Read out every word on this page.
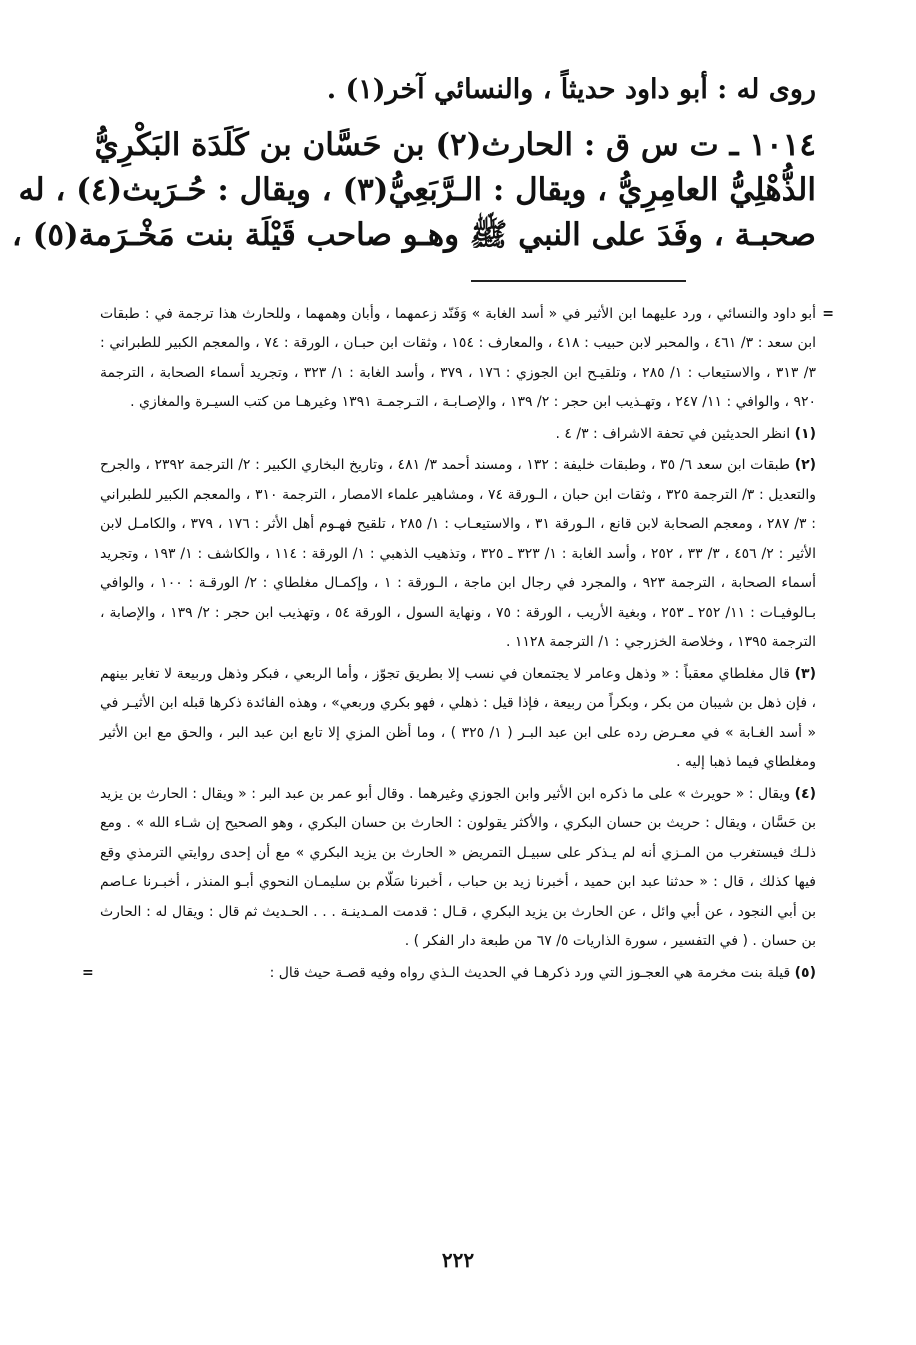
روى له : أبو داود حديثاً ، والنسائي آخر(١) .

١٠١٤ ـ ت س ق : الحارث(٢) بن حَسَّان بن كَلَدَة البَكْرِيُّ

الذُّهْلِيُّ العامِرِيُّ ، ويقال : الـرَّبَعِيُّ(٣) ، ويقال : حُـرَيث(٤) ، له

صحبـة ، وفَدَ على النبي ﷺ وهـو صاحب قَيْلَة بنت مَخْـرَمة(٥) ،

=
أبو داود والنسائي ، ورد عليهما ابن الأثير في « أسد الغابة » وَفَنّد زعمهما ، وأبان وهمهما ، وللحارث هذا ترجمة في : طبقات ابن سعد : ٣/ ٤٦١ ، والمحبر لابن حبيب : ٤١٨ ، والمعارف : ١٥٤ ، وثقات ابن حبـان ، الورقة : ٧٤ ، والمعجم الكبير للطبراني : ٣/ ٣١٣ ، والاستيعاب : ١/ ٢٨٥ ، وتلقيـح ابن الجوزي : ١٧٦ ، ٣٧٩ ، وأسد الغابة : ١/ ٣٢٣ ، وتجريد أسماء الصحابة ، الترجمة ٩٢٠ ، والوافي : ١١/ ٢٤٧ ، وتهـذيب ابن حجر : ٢/ ١٣٩ ، والإصـابـة ، التـرجمـة ١٣٩١ وغيرهـا من كتب السيـرة والمغازي .

(١) انظر الحديثين في تحفة الاشراف : ٣/ ٤ .

(٢) طبقات ابن سعد ٦/ ٣٥ ، وطبقات خليفة : ١٣٢ ، ومسند أحمد ٣/ ٤٨١ ، وتاريخ البخاري الكبير : ٢/ الترجمة ٢٣٩٢ ، والجرح والتعديل : ٣/ الترجمة ٣٢٥ ، وثقات ابن حبان ، الـورقة ٧٤ ، ومشاهير علماء الامصار ، الترجمة ٣١٠ ، والمعجم الكبير للطبراني : ٣/ ٢٨٧ ، ومعجم الصحابة لابن قانع ، الـورقة ٣١ ، والاستيعـاب : ١/ ٢٨٥ ، تلقيح فهـوم أهل الأثر : ١٧٦ ، ٣٧٩ ، والكامـل لابن الأثير : ٢/ ٤٥٦ ، ٣/ ٣٣ ، ٢٥٢ ، وأسد الغابة : ١/ ٣٢٣ ـ ٣٢٥ ، وتذهيب الذهبي : ١/ الورقة : ١١٤ ، والكاشف : ١/ ١٩٣ ، وتجريد أسماء الصحابة ، الترجمة ٩٢٣ ، والمجرد في رجال ابن ماجة ، الـورقة : ١ ، وإكمـال مغلطاي : ٢/ الورقـة : ١٠٠ ، والوافي بـالوفيـات : ١١/ ٢٥٢ ـ ٢٥٣ ، وبغية الأريب ، الورقة : ٧٥ ، ونهاية السول ، الورقة ٥٤ ، وتهذيب ابن حجر : ٢/ ١٣٩ ، والإصابة ، الترجمة ١٣٩٥ ، وخلاصة الخزرجي : ١/ الترجمة ١١٢٨ .

(٣) قال مغلطاي معقباً : « وذهل وعامر لا يجتمعان في نسب إلا بطريق تجوّز ، وأما الربعي ، فبكر وذهل وربيعة لا تغاير بينهم ، فإن ذهل بن شيبان من بكر ، وبكراً من ربيعة ، فإذا قيل : ذهلي ، فهو بكري وربعي» ، وهذه الفائدة ذكرها قبله ابن الأثيـر في « أسد الغـابة » في معـرض رده على ابن عبد البـر ( ١/ ٣٢٥ ) ، وما أظن المزي إلا تابع ابن عبد البر ، والحق مع ابن الأثير ومغلطاي فيما ذهبا إليه .

(٤) ويقال : « حويرث » على ما ذكره ابن الأثير وابن الجوزي وغيرهما . وقال أبو عمر بن عبد البر : « ويقال : الحارث بن يزيد بن حَسَّان ، ويقال : حريث بن حسان البكري ، والأكثر يقولون : الحارث بن حسان البكري ، وهو الصحيح إن شـاء الله » . ومع ذلـك فيستغرب من المـزي أنه لم يـذكر على سبيـل التمريض « الحارث بن يزيد البكري » مع أن إحدى روايتي الترمذي وقع فيها كذلك ، قال : « حدثنا عبد ابن حميد ، أخبرنا زيد بن حباب ، أخبرنا سَلّام بن سليمـان النحوي أبـو المنذر ، أخبـرنا عـاصم بن أبي النجود ، عن أبي وائل ، عن الحارث بن يزيد البكري ، قـال : قدمت المـدينـة . . . الحـديث ثم قال : ويقال له : الحارث بن حسان . ( في التفسير ، سورة الذاريات ٥/ ٦٧ من طبعة دار الفكر ) .

(٥) قيلة بنت مخرمة هي العجـوز التي ورد ذكرهـا في الحديث الـذي رواه وفيه قصـة حيث قال :
=

٢٢٢
